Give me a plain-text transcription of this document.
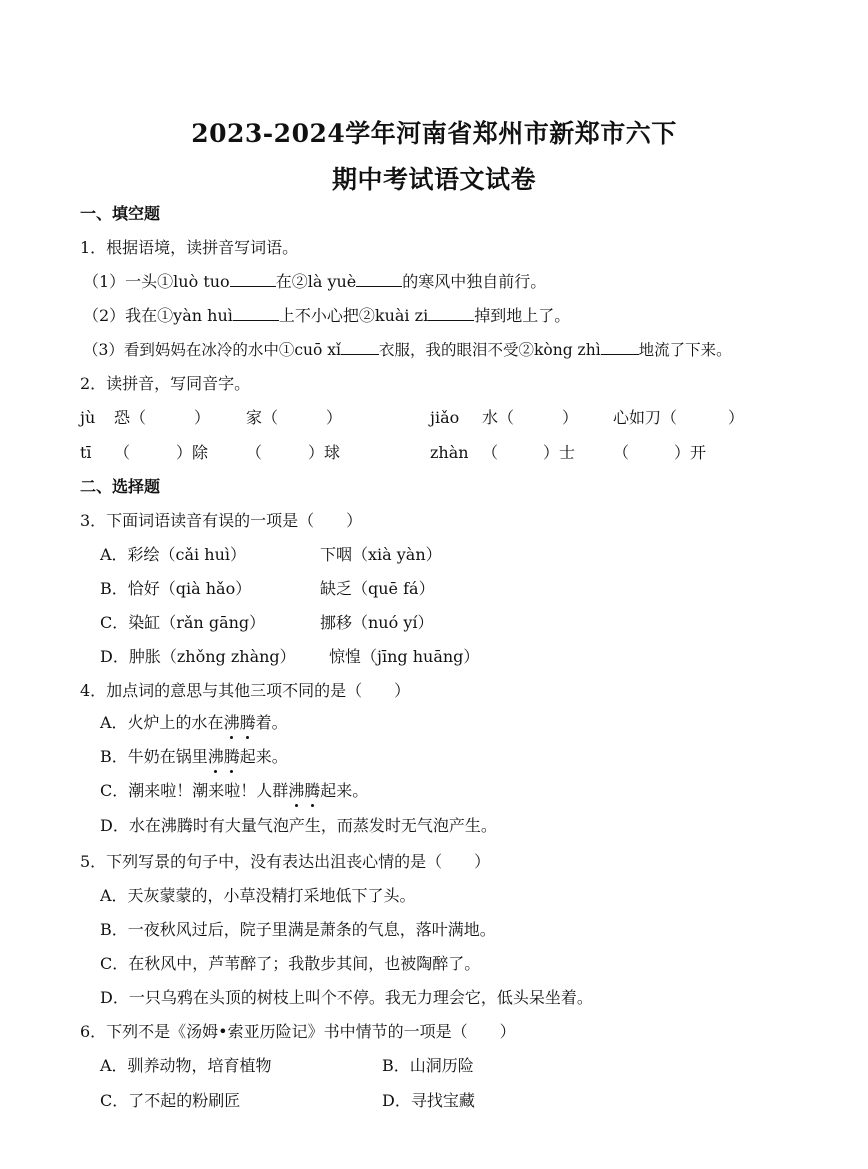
2023-2024学年河南省郑州市新郑市六下
期中考试语文试卷
一、填空题
1．根据语境，读拼音写词语。
（1）一头①luò tuo	在②là yuè	的寒风中独自前行。
（2）我在①yàn huì	上不小心把②kuài zi	掉到地上了。
（3）看到妈妈在冰冷的水中①cuō xǐ 衣服，我的眼泪不受②kòng zhì 地流了下来。
2．读拼音，写同音字。
jù 恐（	） 家（	）	jiǎo 水（	） 心如刀（	）
tī （	）除 （	）球	zhàn （	）士 （	）开
二、选择题
3．下面词语读音有误的一项是（　　）
A．彩绘（cǎi huì）	下咽（xià yàn）
B．恰好（qià hǎo）	缺乏（quē fá）
C．染缸（rǎn gāng）	挪移（nuó yí）
D．肿胀（zhǒng zhàng） 惊惶（jīng huāng）
4．加点词的意思与其他三项不同的是（　　）
A．火炉上的水在沸腾着。
B．牛奶在锅里沸腾起来。
C．潮来啦！潮来啦！人群沸腾起来。
D．水在沸腾时有大量气泡产生，而蒸发时无气泡产生。
5．下列写景的句子中，没有表达出沮丧心情的是（　　）
A．天灰蒙蒙的，小草没精打采地低下了头。
B．一夜秋风过后，院子里满是萧条的气息，落叶满地。
C．在秋风中，芦苇醉了；我散步其间，也被陶醉了。
D．一只乌鸦在头顶的树枝上叫个不停。我无力理会它，低头呆坐着。
6．下列不是《汤姆•索亚历险记》书中情节的一项是（　　）
A．驯养动物，培育植物	B．山洞历险
C．了不起的粉刷匠	D．寻找宝藏
